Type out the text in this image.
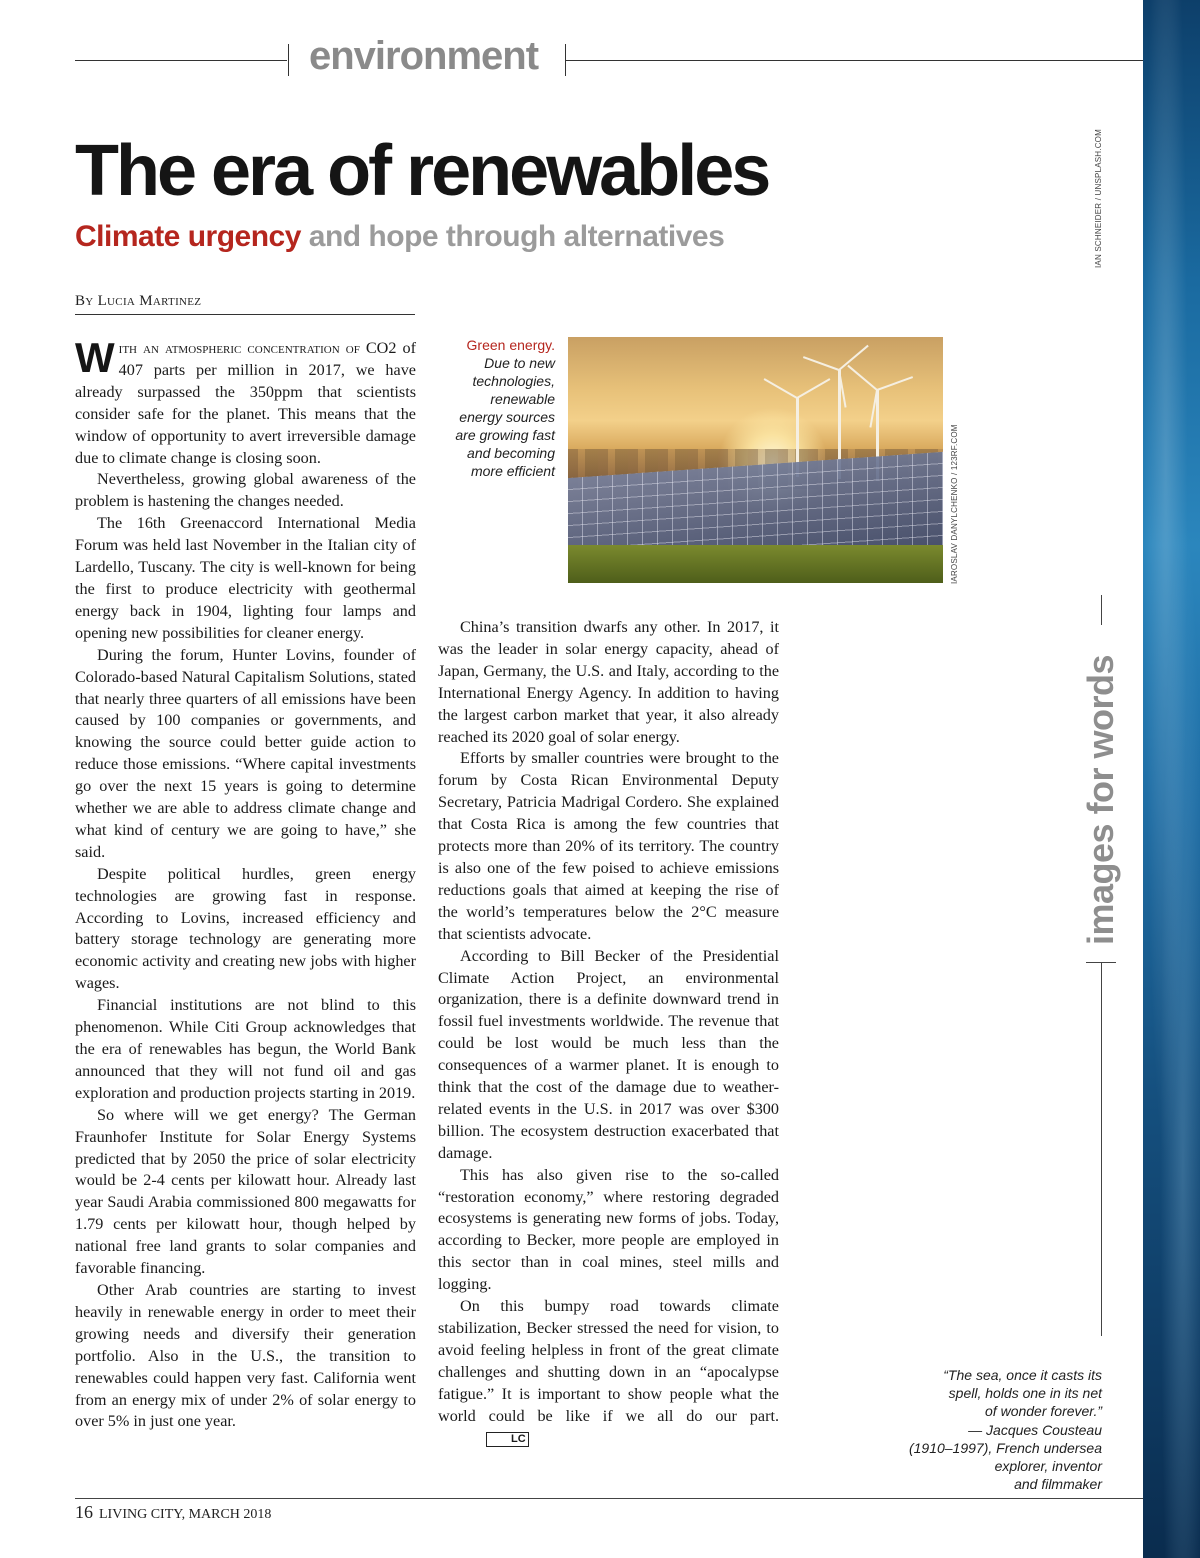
environment
The era of renewables
Climate urgency and hope through alternatives	IAN SCHNEIDER / UNSPLASH.COM
By Lucia Martinez

With an atmospheric concentration of CO2 of 407 parts per million in 2017, we have already surpassed the 350ppm that scientists consider safe for the planet. This means that the window of opportunity to avert irreversible damage due to climate change is closing soon.

Nevertheless, growing global awareness of the problem is hastening the changes needed.

The 16th Greenaccord International Media Forum was held last November in the Italian city of Lardello, Tuscany. The city is well-known for being the first to produce electricity with geothermal energy back in 1904, lighting four lamps and opening new possibilities for cleaner energy.

During the forum, Hunter Lovins, founder of Colorado-based Natural Capitalism Solutions, stated that nearly three quarters of all emissions have been caused by 100 companies or governments, and knowing the source could better guide action to reduce those emissions. “Where capital investments go over the next 15 years is going to determine whether we are able to address climate change and what kind of century we are going to have,” she said.

Despite political hurdles, green energy technologies are growing fast in response. According to Lovins, increased efficiency and battery storage technology are generating more economic activity and creating new jobs with higher wages.

Financial institutions are not blind to this phenomenon. While Citi Group acknowledges that the era of renewables has begun, the World Bank announced that they will not fund oil and gas exploration and production projects starting in 2019.

So where will we get energy? The German Fraunhofer Institute for Solar Energy Systems predicted that by 2050 the price of solar electricity would be 2-4 cents per kilowatt hour. Already last year Saudi Arabia commissioned 800 megawatts for 1.79 cents per kilowatt hour, though helped by national free land grants to solar companies and favorable financing.

Other Arab countries are starting to invest heavily in renewable energy in order to meet their growing needs and diversify their generation portfolio. Also in the U.S., the transition to renewables could happen very fast. California went from an energy mix of under 2% of solar energy to over 5% in just one year.

Green energy.
Due to new
technologies,
renewable
energy sources
are growing fast
and becoming
more efficient	IAROSLAV DANYLCHENKO / 123RF.COM

China’s transition dwarfs any other. In 2017, it was the leader in solar energy capacity, ahead of Japan, Germany, the U.S. and Italy, according to the International Energy Agency. In addition to having the largest carbon market that year, it also already reached its 2020 goal of solar energy.

Efforts by smaller countries were brought to the forum by Costa Rican Environmental Deputy Secretary, Patricia Madrigal Cordero. She explained that Costa Rica is among the few countries that protects more than 20% of its territory. The country is also one of the few poised to achieve emissions reductions goals that aimed at keeping the rise of the world’s temperatures below the 2°C measure that scientists advocate.

According to Bill Becker of the Presidential Climate Action Project, an environmental organization, there is a definite downward trend in fossil fuel investments worldwide. The revenue that could be lost would be much less than the consequences of a warmer planet. It is enough to think that the cost of the damage due to weather-related events in the U.S. in 2017 was over $300 billion. The ecosystem destruction exacerbated that damage.

This has also given rise to the so-called “restoration economy,” where restoring degraded ecosystems is generating new forms of jobs. Today, according to Becker, more people are employed in this sector than in coal mines, steel mills and logging.

On this bumpy road towards climate stabilization, Becker stressed the need for vision, to avoid feeling helpless in front of the great climate challenges and shutting down in an “apocalypse fatigue.” It is important to show people what the world could be like if we all do our part.LC

images for words
“The sea, once it casts its
spell, holds one in its net
of wonder forever.”
— Jacques Cousteau
(1910–1997), French undersea
explorer, inventor
and filmmaker
16 LIVING CITY, MARCH 2018
